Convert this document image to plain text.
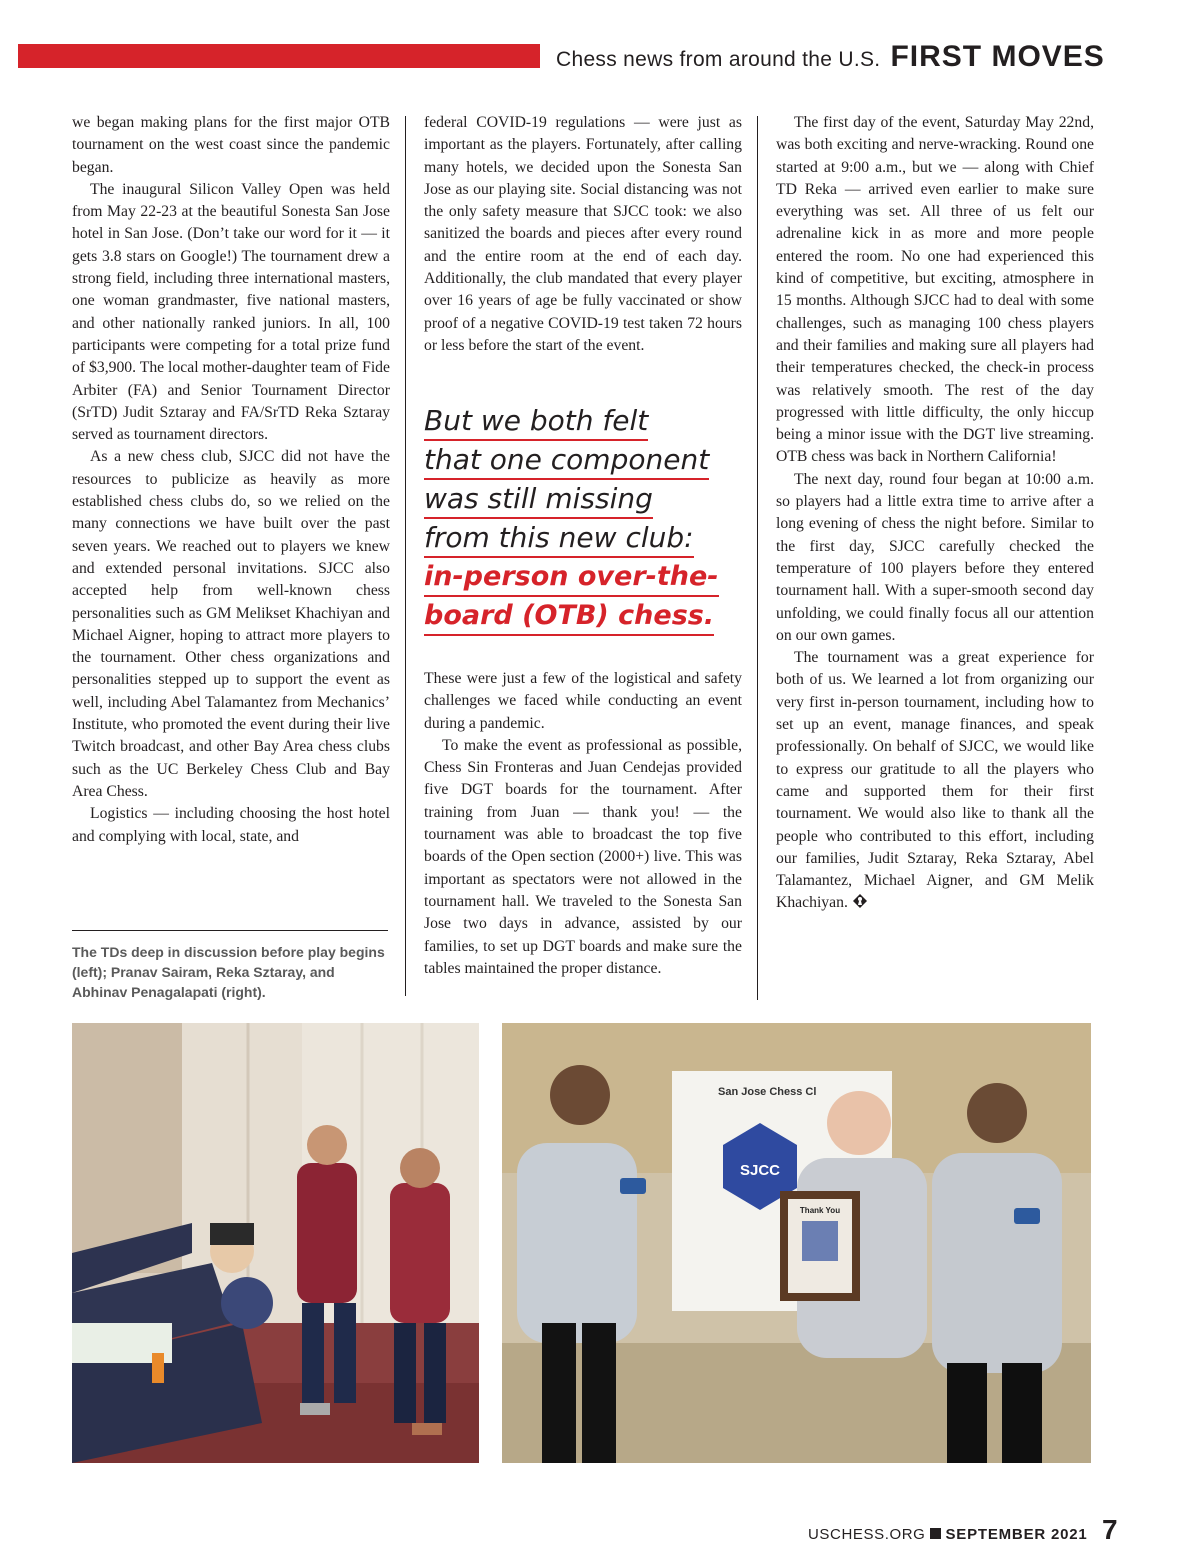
Chess news from around the U.S. FIRST MOVES

we began making plans for the first major OTB tournament on the west coast since the pandemic began.

The inaugural Silicon Valley Open was held from May 22-23 at the beautiful Sonesta San Jose hotel in San Jose. (Don’t take our word for it — it gets 3.8 stars on Google!) The tournament drew a strong field, including three international masters, one woman grandmaster, five national masters, and other nationally ranked juniors. In all, 100 participants were competing for a total prize fund of $3,900. The local mother-daughter team of Fide Arbiter (FA) and Senior Tournament Director (SrTD) Judit Sztaray and FA/SrTD Reka Sztaray served as tournament directors.

As a new chess club, SJCC did not have the resources to publicize as heavily as more established chess clubs do, so we relied on the many connections we have built over the past seven years. We reached out to players we knew and extended personal invitations. SJCC also accepted help from well-known chess personalities such as GM Melikset Khachiyan and Michael Aigner, hoping to attract more players to the tournament. Other chess organizations and personalities stepped up to support the event as well, including Abel Talamantez from Mechanics’ Institute, who promoted the event during their live Twitch broadcast, and other Bay Area chess clubs such as the UC Berkeley Chess Club and Bay Area Chess.

Logistics — including choosing the host hotel and complying with local, state, and

The TDs deep in discussion before play begins (left); Pranav Sairam, Reka Sztaray, and Abhinav Penagalapati (right).

federal COVID-19 regulations — were just as important as the players. Fortunately, after calling many hotels, we decided upon the Sonesta San Jose as our playing site. Social distancing was not the only safety measure that SJCC took: we also sanitized the boards and pieces after every round and the entire room at the end of each day. Additionally, the club mandated that every player over 16 years of age be fully vaccinated or show proof of a negative COVID-19 test taken 72 hours or less before the start of the event.

But we both felt
that one component
was still missing
from this new club:
in-person over-the-
board (OTB) chess.

These were just a few of the logistical and safety challenges we faced while conducting an event during a pandemic.

To make the event as professional as possible, Chess Sin Fronteras and Juan Cendejas provided five DGT boards for the tournament. After training from Juan — thank you! — the tournament was able to broadcast the top five boards of the Open section (2000+) live. This was important as spectators were not allowed in the tournament hall. We traveled to the Sonesta San Jose two days in advance, assisted by our families, to set up DGT boards and make sure the tables maintained the proper distance.

The first day of the event, Saturday May 22nd, was both exciting and nerve-wracking. Round one started at 9:00 a.m., but we — along with Chief TD Reka — arrived even earlier to make sure everything was set. All three of us felt our adrenaline kick in as more and more people entered the room. No one had experienced this kind of competitive, but exciting, atmosphere in 15 months. Although SJCC had to deal with some challenges, such as managing 100 chess players and their families and making sure all players had their temperatures checked, the check-in process was relatively smooth. The rest of the day progressed with little difficulty, the only hiccup being a minor issue with the DGT live streaming. OTB chess was back in Northern California!

The next day, round four began at 10:00 a.m. so players had a little extra time to arrive after a long evening of chess the night before. Similar to the first day, SJCC carefully checked the temperature of 100 players before they entered tournament hall. With a super-smooth second day unfolding, we could finally focus all our attention on our own games.

The tournament was a great experience for both of us. We learned a lot from organizing our very first in-person tournament, including how to set up an event, manage finances, and speak professionally. On behalf of SJCC, we would like to express our gratitude to all the players who came and supported them for their first tournament. We would also like to thank all the people who contributed to this effort, including our families, Judit Sztaray, Reka Sztaray, Abel Talamantez, Michael Aigner, and GM Melik Khachiyan.

SJCC
San Jose Chess Cl
Thank You
USCHESS.ORG SEPTEMBER 2021 7
